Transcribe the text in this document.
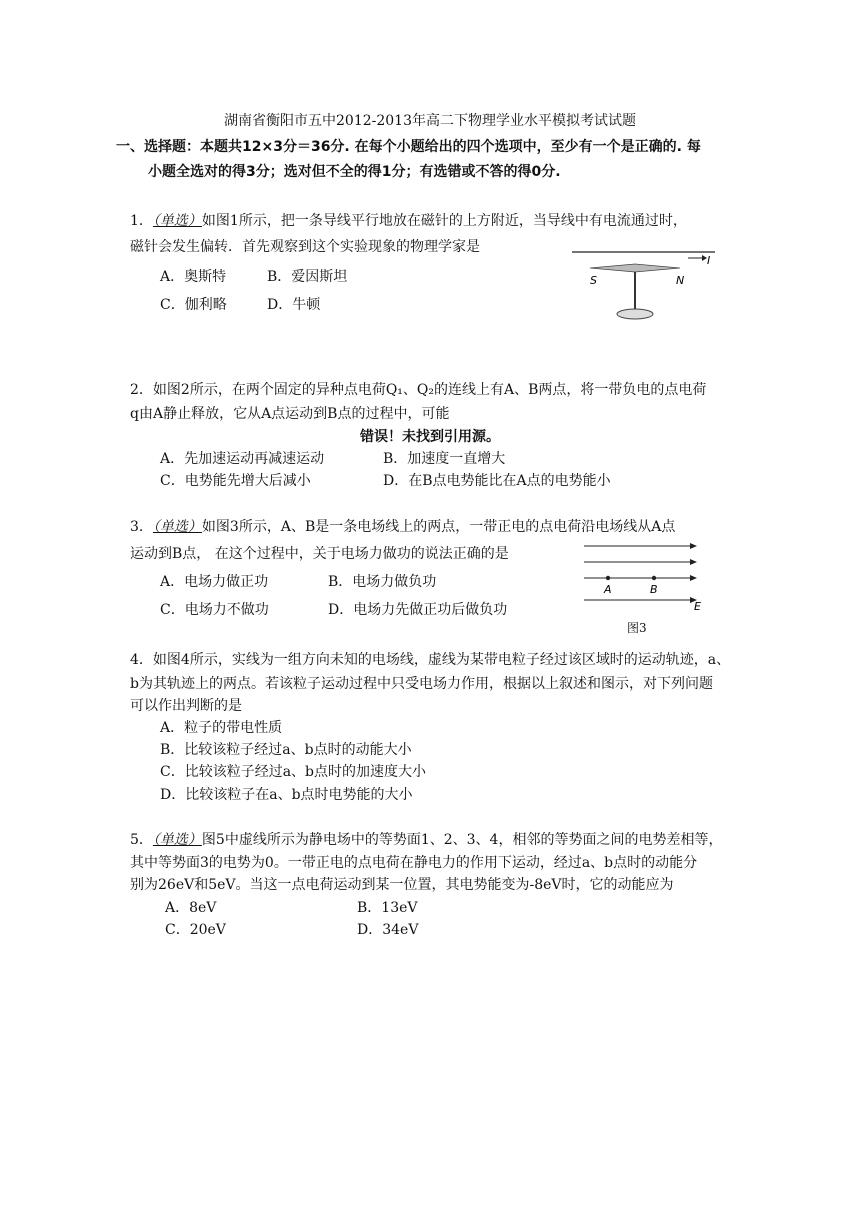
湖南省衡阳市五中2012-2013年高二下物理学业水平模拟考试试题
一、选择题：本题共12×3分＝36分. 在每个小题给出的四个选项中，至少有一个是正确的. 每
小题全选对的得3分；选对但不全的得1分；有选错或不答的得0分.
1．（单选）如图1所示，把一条导线平行地放在磁针的上方附近，当导线中有电流通过时，
磁针会发生偏转．首先观察到这个实验现象的物理学家是
A．奥斯特	B．爱因斯坦
C．伽利略	D．牛顿
I
S	N
2．如图2所示，在两个固定的异种点电荷Q₁、Q₂的连线上有A、B两点，将一带负电的点电荷
q由A静止释放，它从A点运动到B点的过程中，可能
错误！未找到引用源。
A．先加速运动再减速运动	B．加速度一直增大
C．电势能先增大后减小	D．在B点电势能比在A点的电势能小
3．（单选）如图3所示，A、B是一条电场线上的两点，一带正电的点电荷沿电场线从A点
运动到B点， 在这个过程中，关于电场力做功的说法正确的是
A．电场力做正功	B．电场力做负功
C．电场力不做功	D．电场力先做正功后做负功
A	B
E
图3
4．如图4所示，实线为一组方向未知的电场线，虚线为某带电粒子经过该区域时的运动轨迹，a、
b为其轨迹上的两点。若该粒子运动过程中只受电场力作用，根据以上叙述和图示，对下列问题
可以作出判断的是
A．粒子的带电性质
B．比较该粒子经过a、b点时的动能大小
C．比较该粒子经过a、b点时的加速度大小
D．比较该粒子在a、b点时电势能的大小
5．（单选）图5中虚线所示为静电场中的等势面1、2、3、4，相邻的等势面之间的电势差相等，
其中等势面3的电势为0。一带正电的点电荷在静电力的作用下运动，经过a、b点时的动能分
别为26eV和5eV。当这一点电荷运动到某一位置，其电势能变为-8eV时，它的动能应为
A．8eV	B．13eV
C．20eV	D．34eV
